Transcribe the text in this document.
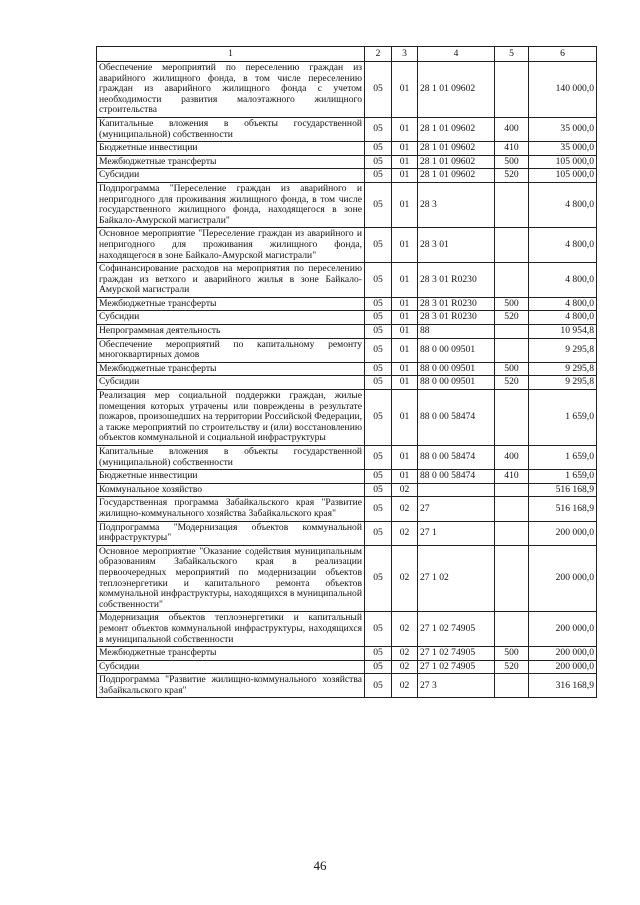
1	2	3	4	5	6
Обеспечение мероприятий по переселению граждан из аварийного жилищного фонда, в том числе переселению граждан из аварийного жилищного фонда с учетом необходимости развития малоэтажного жилищного строительства	05	01	28 1 01 09602		140 000,0
Капитальные вложения в объекты государственной (муниципальной) собственности	05	01	28 1 01 09602	400	35 000,0
Бюджетные инвестиции	05	01	28 1 01 09602	410	35 000,0
Межбюджетные трансферты	05	01	28 1 01 09602	500	105 000,0
Субсидии	05	01	28 1 01 09602	520	105 000,0
Подпрограмма "Переселение граждан из аварийного и непригодного для проживания жилищного фонда, в том числе государственного жилищного фонда, находящегося в зоне Байкало-Амурской магистрали"	05	01	28 3		4 800,0
Основное мероприятие "Переселение граждан из аварийного и непригодного для проживания жилищного фонда, находящегося в зоне Байкало-Амурской магистрали"	05	01	28 3 01		4 800,0
Софинансирование расходов на мероприятия по переселению граждан из ветхого и аварийного жилья в зоне Байкало-Амурской магистрали	05	01	28 3 01 R0230		4 800,0
Межбюджетные трансферты	05	01	28 3 01 R0230	500	4 800,0
Субсидии	05	01	28 3 01 R0230	520	4 800,0
Непрограммная деятельность	05	01	88		10 954,8
Обеспечение мероприятий по капитальному ремонту многоквартирных домов	05	01	88 0 00 09501		9 295,8
Межбюджетные трансферты	05	01	88 0 00 09501	500	9 295,8
Субсидии	05	01	88 0 00 09501	520	9 295,8
Реализация мер социальной поддержки граждан, жилые помещения которых утрачены или повреждены в результате пожаров, произошедших на территории Российской Федерации, а также мероприятий по строительству и (или) восстановлению объектов коммунальной и социальной инфраструктуры	05	01	88 0 00 58474		1 659,0
Капитальные вложения в объекты государственной (муниципальной) собственности	05	01	88 0 00 58474	400	1 659,0
Бюджетные инвестиции	05	01	88 0 00 58474	410	1 659,0
Коммунальное хозяйство	05	02			516 168,9
Государственная программа Забайкальского края "Развитие жилищно-коммунального хозяйства Забайкальского края"	05	02	27		516 168,9
Подпрограмма "Модернизация объектов коммунальной инфраструктуры"	05	02	27 1		200 000,0
Основное мероприятие "Оказание содействия муниципальным образованиям Забайкальского края в реализации первоочередных мероприятий по модернизации объектов теплоэнергетики и капитального ремонта объектов коммунальной инфраструктуры, находящихся в муниципальной собственности"	05	02	27 1 02		200 000,0
Модернизация объектов теплоэнергетики и капитальный ремонт объектов коммунальной инфраструктуры, находящихся в муниципальной собственности	05	02	27 1 02 74905		200 000,0
Межбюджетные трансферты	05	02	27 1 02 74905	500	200 000,0
Субсидии	05	02	27 1 02 74905	520	200 000,0
Подпрограмма "Развитие жилищно-коммунального хозяйства Забайкальского края"	05	02	27 3		316 168,9
46
